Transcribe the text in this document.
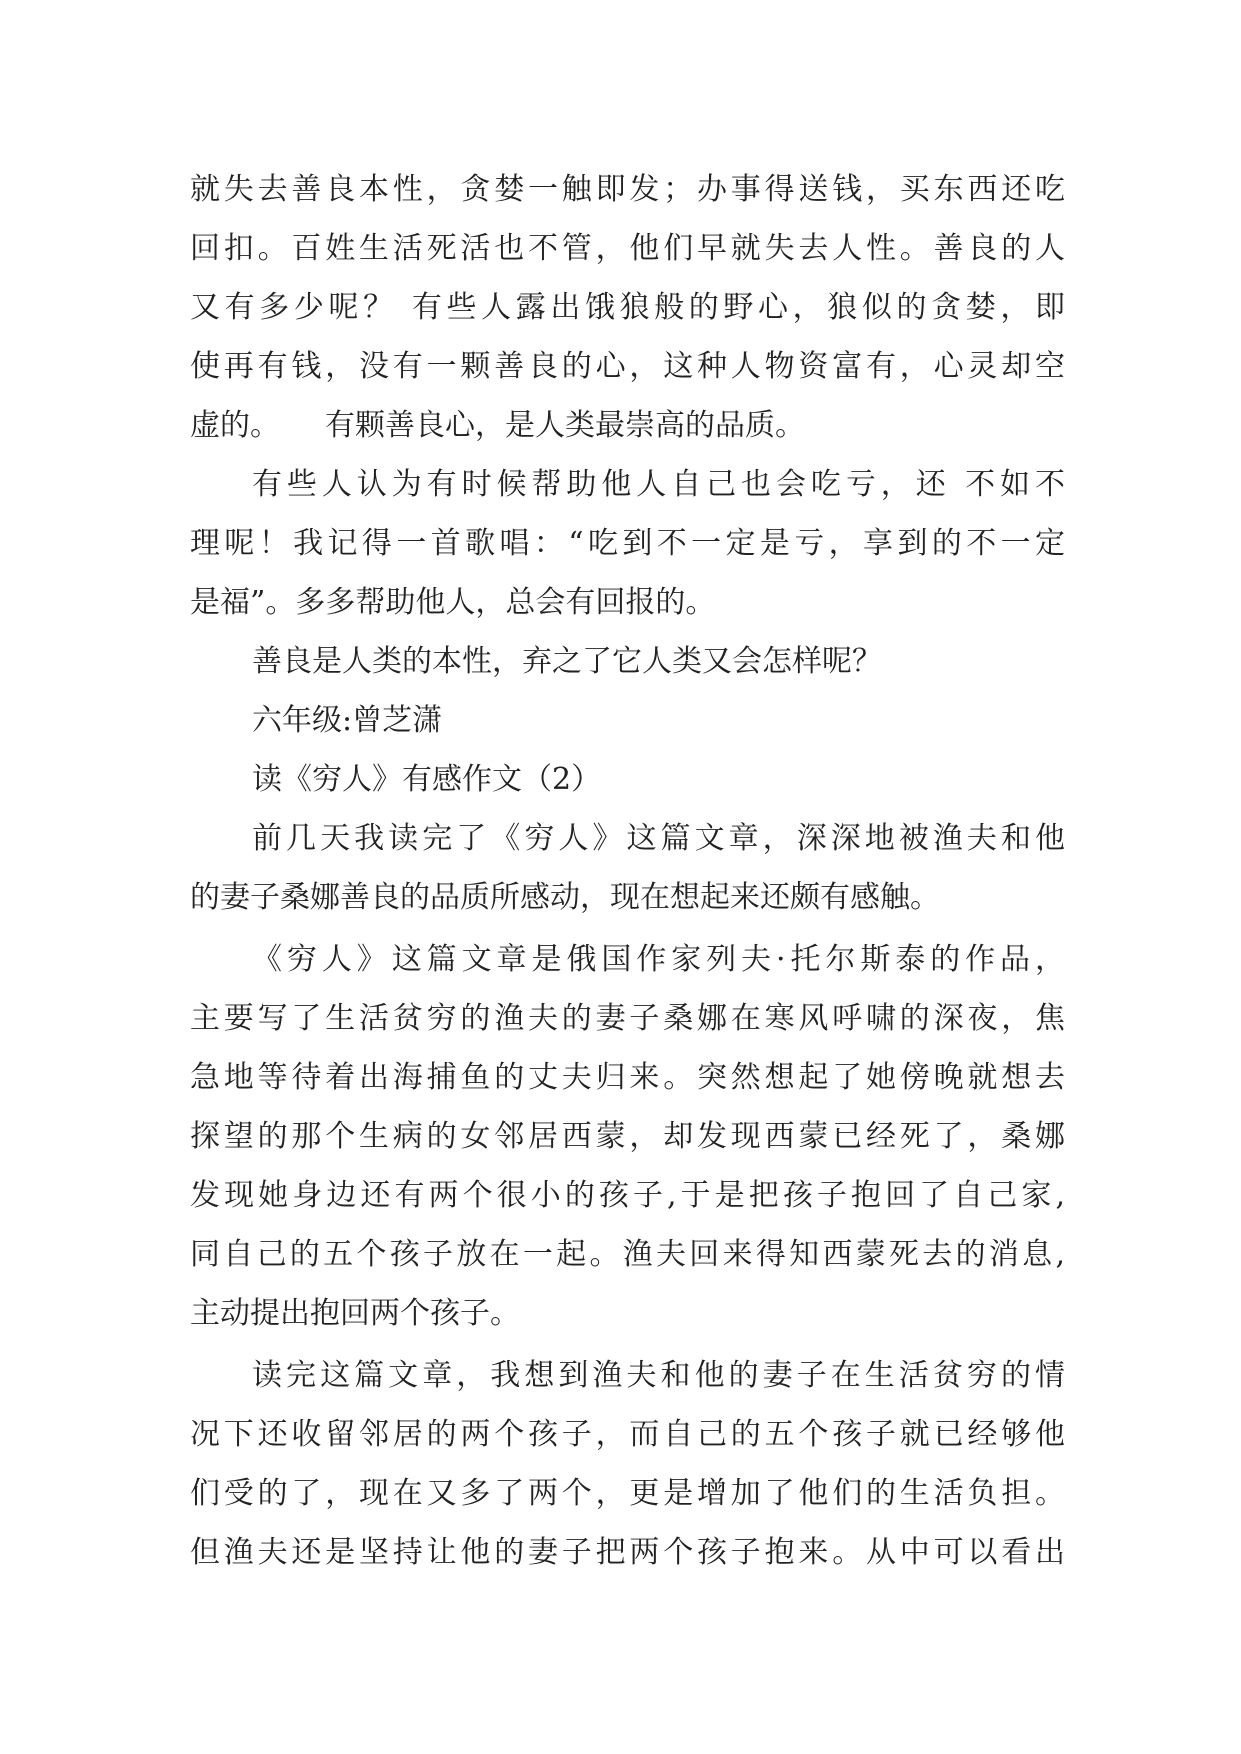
就失去善良本性，贪婪一触即发；办事得送钱，买东西还吃
回扣。百姓生活死活也不管，他们早就失去人性。善良的人
又有多少呢？ 有些人露出饿狼般的野心，狼似的贪婪，即
使再有钱，没有一颗善良的心，这种人物资富有，心灵却空
虚的。　　有颗善良心，是人类最崇高的品质。
有些人认为有时候帮助他人自己也会吃亏，还 不如不
理呢！我记得一首歌唱：“吃到不一定是亏，享到的不一定
是福”。多多帮助他人，总会有回报的。
善良是人类的本性，弃之了它人类又会怎样呢？
六年级:曾芝潇
读《穷人》有感作文（2）
前几天我读完了《穷人》这篇文章，深深地被渔夫和他
的妻子桑娜善良的品质所感动，现在想起来还颇有感触。
《穷人》这篇文章是俄国作家列夫·托尔斯泰的作品，
主要写了生活贫穷的渔夫的妻子桑娜在寒风呼啸的深夜，焦
急地等待着出海捕鱼的丈夫归来。突然想起了她傍晚就想去
探望的那个生病的女邻居西蒙，却发现西蒙已经死了，桑娜
发现她身边还有两个很小的孩子,于是把孩子抱回了自己家,
同自己的五个孩子放在一起。渔夫回来得知西蒙死去的消息,
主动提出抱回两个孩子。
读完这篇文章，我想到渔夫和他的妻子在生活贫穷的情
况下还收留邻居的两个孩子，而自己的五个孩子就已经够他
们受的了，现在又多了两个，更是增加了他们的生活负担。
但渔夫还是坚持让他的妻子把两个孩子抱来。从中可以看出
